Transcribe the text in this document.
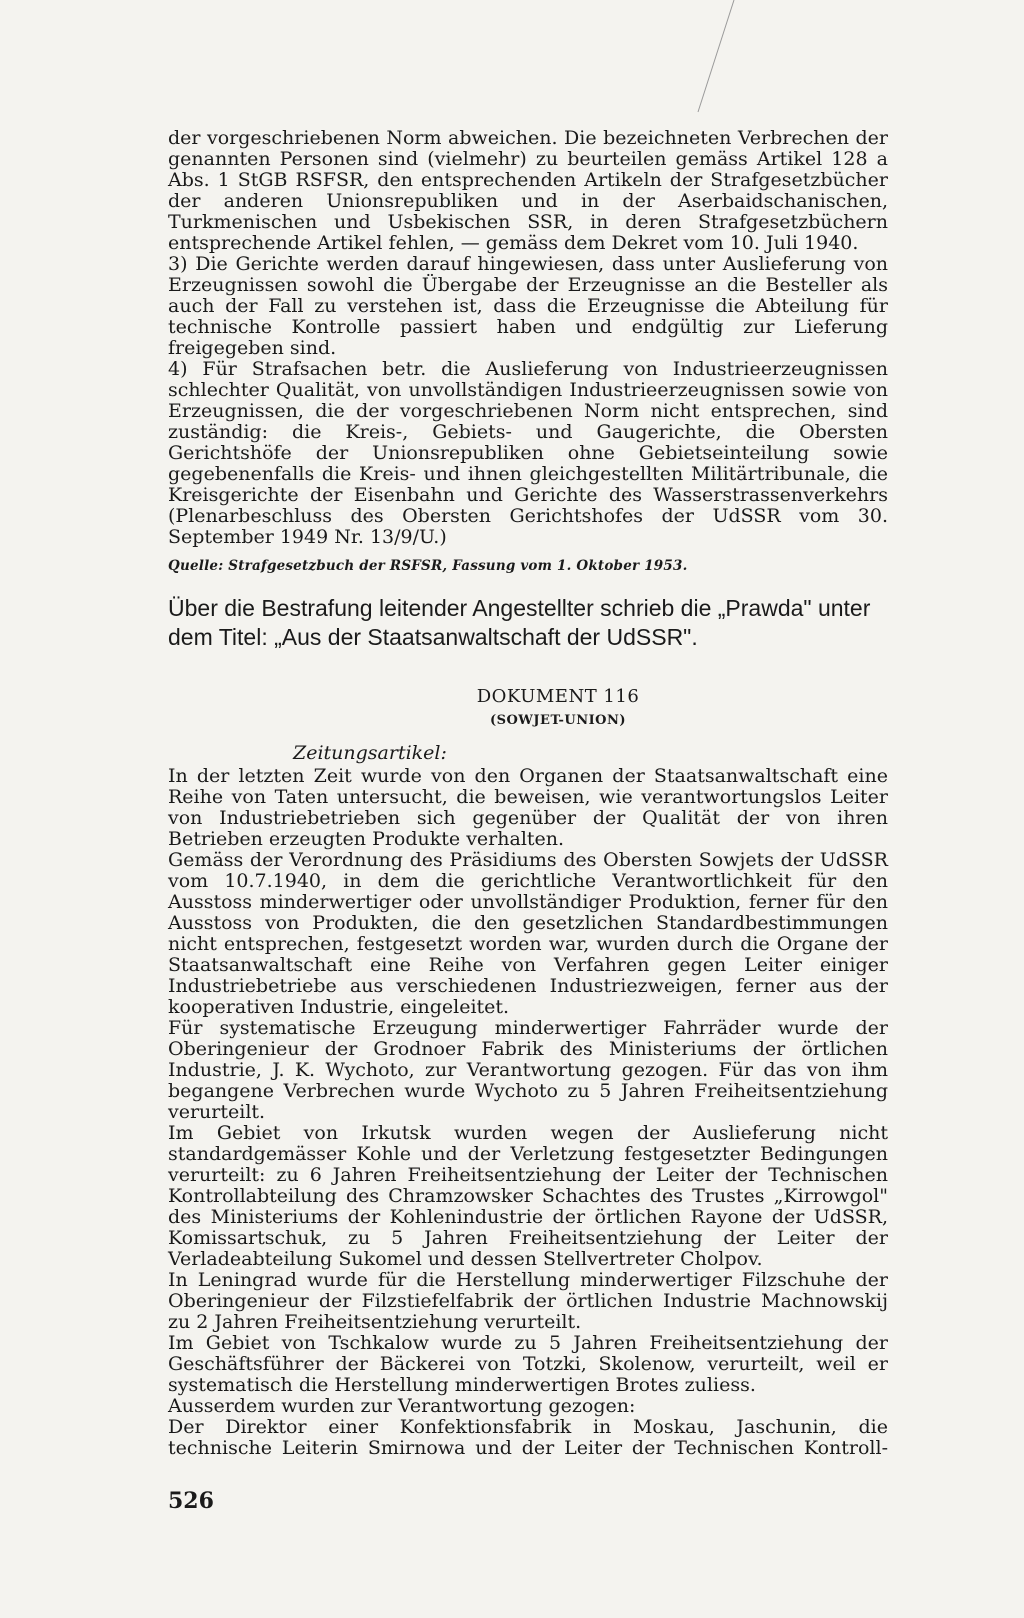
der vorgeschriebenen Norm abweichen. Die bezeichneten Verbrechen der genannten Personen sind (vielmehr) zu beurteilen gemäss Artikel 128 a Abs. 1 StGB RSFSR, den entsprechenden Artikeln der Strafgesetzbücher der anderen Unionsrepubliken und in der Aserbaidschanischen, Turkmenischen und Usbekischen SSR, in deren Strafgesetzbüchern entsprechende Artikel fehlen, — gemäss dem Dekret vom 10. Juli 1940.

3) Die Gerichte werden darauf hingewiesen, dass unter Auslieferung von Erzeugnissen sowohl die Übergabe der Erzeugnisse an die Besteller als auch der Fall zu verstehen ist, dass die Erzeugnisse die Abteilung für technische Kontrolle passiert haben und endgültig zur Lieferung freigegeben sind.

4) Für Strafsachen betr. die Auslieferung von Industrieerzeugnissen schlechter Qualität, von unvollständigen Industrieerzeugnissen sowie von Erzeugnissen, die der vorgeschriebenen Norm nicht entsprechen, sind zuständig: die Kreis-, Gebiets- und Gaugerichte, die Obersten Gerichtshöfe der Unionsrepubliken ohne Gebietseinteilung sowie gegebenenfalls die Kreis- und ihnen gleichgestellten Militärtribunale, die Kreisgerichte der Eisenbahn und Gerichte des Wasserstrassenverkehrs (Plenarbeschluss des Obersten Gerichtshofes der UdSSR vom 30. September 1949 Nr. 13/9/U.)

Quelle: Strafgesetzbuch der RSFSR, Fassung vom 1. Oktober 1953.

Über die Bestrafung leitender Angestellter schrieb die „Prawda" unter dem Titel: „Aus der Staatsanwaltschaft der UdSSR".

DOKUMENT 116
(SOWJET-UNION)
Zeitungsartikel:

In der letzten Zeit wurde von den Organen der Staatsanwaltschaft eine Reihe von Taten untersucht, die beweisen, wie verantwortungslos Leiter von Industriebetrieben sich gegenüber der Qualität der von ihren Betrieben erzeugten Produkte verhalten.

Gemäss der Verordnung des Präsidiums des Obersten Sowjets der UdSSR vom 10.7.1940, in dem die gerichtliche Verantwortlichkeit für den Ausstoss minderwertiger oder unvollständiger Produktion, ferner für den Ausstoss von Produkten, die den gesetzlichen Standardbestimmungen nicht entsprechen, festgesetzt worden war, wurden durch die Organe der Staatsanwaltschaft eine Reihe von Verfahren gegen Leiter einiger Industriebetriebe aus verschiedenen Industriezweigen, ferner aus der kooperativen Industrie, eingeleitet.

Für systematische Erzeugung minderwertiger Fahrräder wurde der Oberingenieur der Grodnoer Fabrik des Ministeriums der örtlichen Industrie, J. K. Wychoto, zur Verantwortung gezogen. Für das von ihm begangene Verbrechen wurde Wychoto zu 5 Jahren Freiheitsentziehung verurteilt.

Im Gebiet von Irkutsk wurden wegen der Auslieferung nicht standardgemässer Kohle und der Verletzung festgesetzter Bedingungen verurteilt: zu 6 Jahren Freiheitsentziehung der Leiter der Technischen Kontrollabteilung des Chramzowsker Schachtes des Trustes „Kirrowgol" des Ministeriums der Kohlenindustrie der örtlichen Rayone der UdSSR, Komissartschuk, zu 5 Jahren Freiheitsentziehung der Leiter der Verladeabteilung Sukomel und dessen Stellvertreter Cholpov.

In Leningrad wurde für die Herstellung minderwertiger Filzschuhe der Oberingenieur der Filzstiefelfabrik der örtlichen Industrie Machnowskij zu 2 Jahren Freiheitsentziehung verurteilt.

Im Gebiet von Tschkalow wurde zu 5 Jahren Freiheitsentziehung der Geschäftsführer der Bäckerei von Totzki, Skolenow, verurteilt, weil er systematisch die Herstellung minderwertigen Brotes zuliess.

Ausserdem wurden zur Verantwortung gezogen:

Der Direktor einer Konfektionsfabrik in Moskau, Jaschunin, die technische Leiterin Smirnowa und der Leiter der Technischen Kontroll-

526
